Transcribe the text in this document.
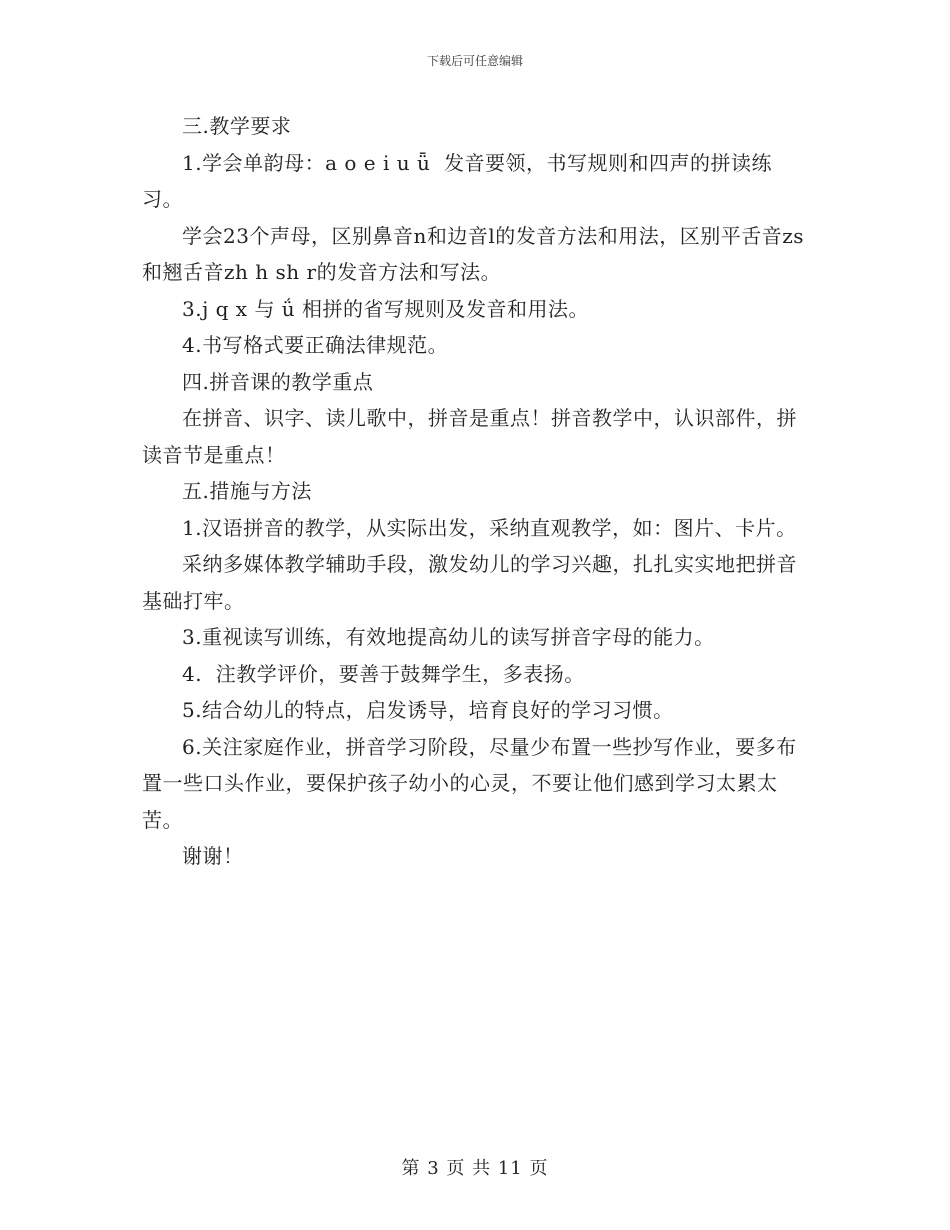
下载后可任意编辑

三.教学要求

1.学会单韵母：a o e i u ǖ  发音要领，书写规则和四声的拼读练习。

学会23个声母，区别鼻音n和边音l的发音方法和用法，区别平舌音zs 和翘舌音zh h sh r的发音方法和写法。

3.j q x 与 ǘ 相拼的省写规则及发音和用法。

4.书写格式要正确法律规范。

四.拼音课的教学重点

在拼音、识字、读儿歌中，拼音是重点！拼音教学中，认识部件，拼读音节是重点！

五.措施与方法

1.汉语拼音的教学，从实际出发，采纳直观教学，如：图片、卡片。

采纳多媒体教学辅助手段，激发幼儿的学习兴趣，扎扎实实地把拼音基础打牢。

3.重视读写训练，有效地提高幼儿的读写拼音字母的能力。

4.  注教学评价，要善于鼓舞学生，多表扬。

5.结合幼儿的特点，启发诱导，培育良好的学习习惯。

6.关注家庭作业，拼音学习阶段，尽量少布置一些抄写作业，要多布置一些口头作业，要保护孩子幼小的心灵，不要让他们感到学习太累太苦。

谢谢！

第 3 页 共 11 页
